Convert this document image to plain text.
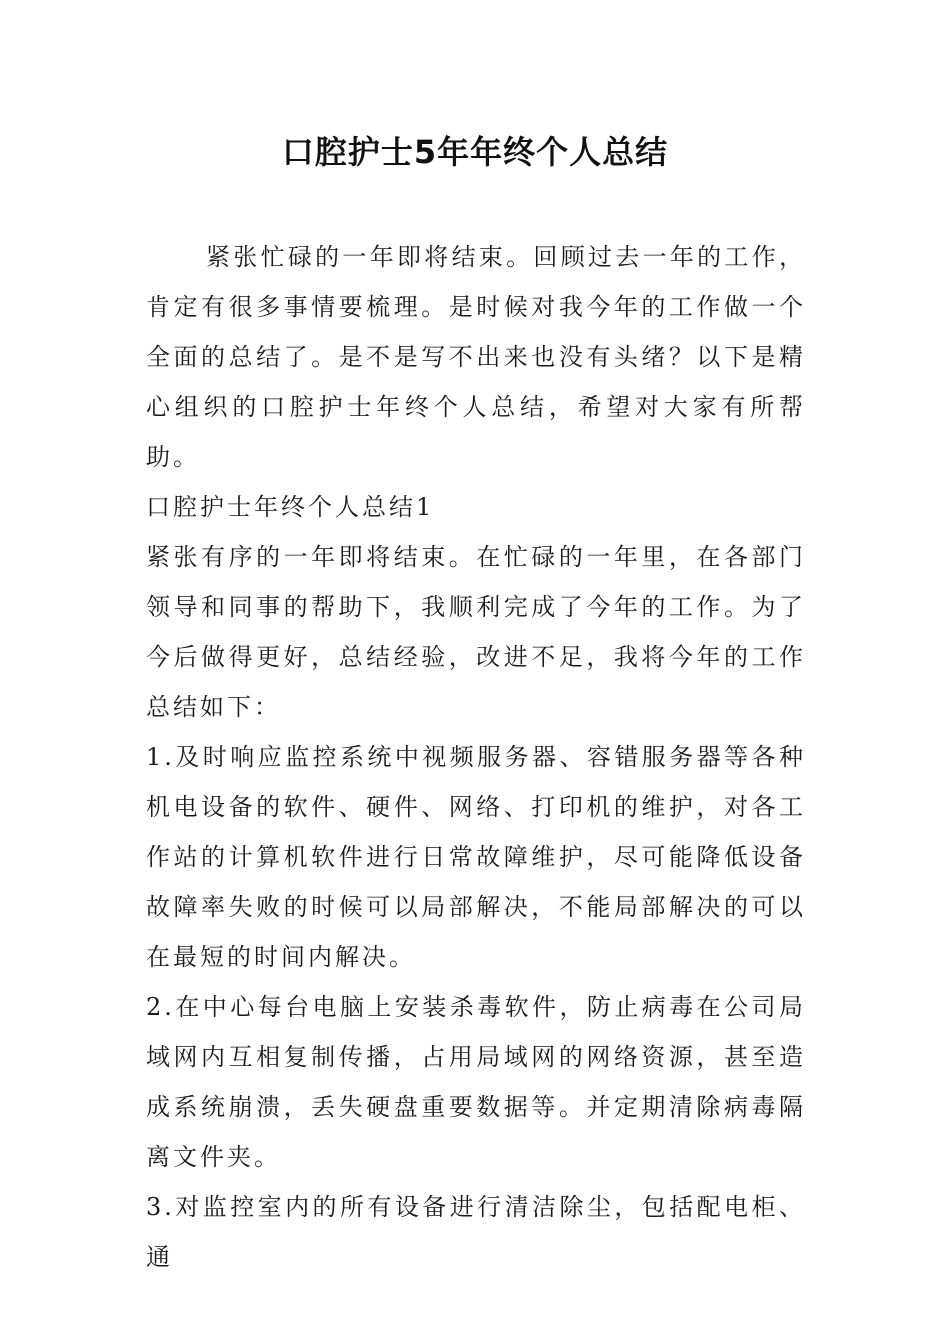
口腔护士5年年终个人总结

紧张忙碌的一年即将结束。回顾过去一年的工作，肯定有很多事情要梳理。是时候对我今年的工作做一个全面的总结了。是不是写不出来也没有头绪？以下是精心组织的口腔护士年终个人总结，希望对大家有所帮助。

口腔护士年终个人总结1

紧张有序的一年即将结束。在忙碌的一年里，在各部门领导和同事的帮助下，我顺利完成了今年的工作。为了今后做得更好，总结经验，改进不足，我将今年的工作总结如下：

1.及时响应监控系统中视频服务器、容错服务器等各种机电设备的软件、硬件、网络、打印机的维护，对各工作站的计算机软件进行日常故障维护，尽可能降低设备故障率失败的时候可以局部解决，不能局部解决的可以在最短的时间内解决。

2.在中心每台电脑上安装杀毒软件，防止病毒在公司局域网内互相复制传播，占用局域网的网络资源，甚至造成系统崩溃，丢失硬盘重要数据等。并定期清除病毒隔离文件夹。

3.对监控室内的所有设备进行清洁除尘，包括配电柜、通
